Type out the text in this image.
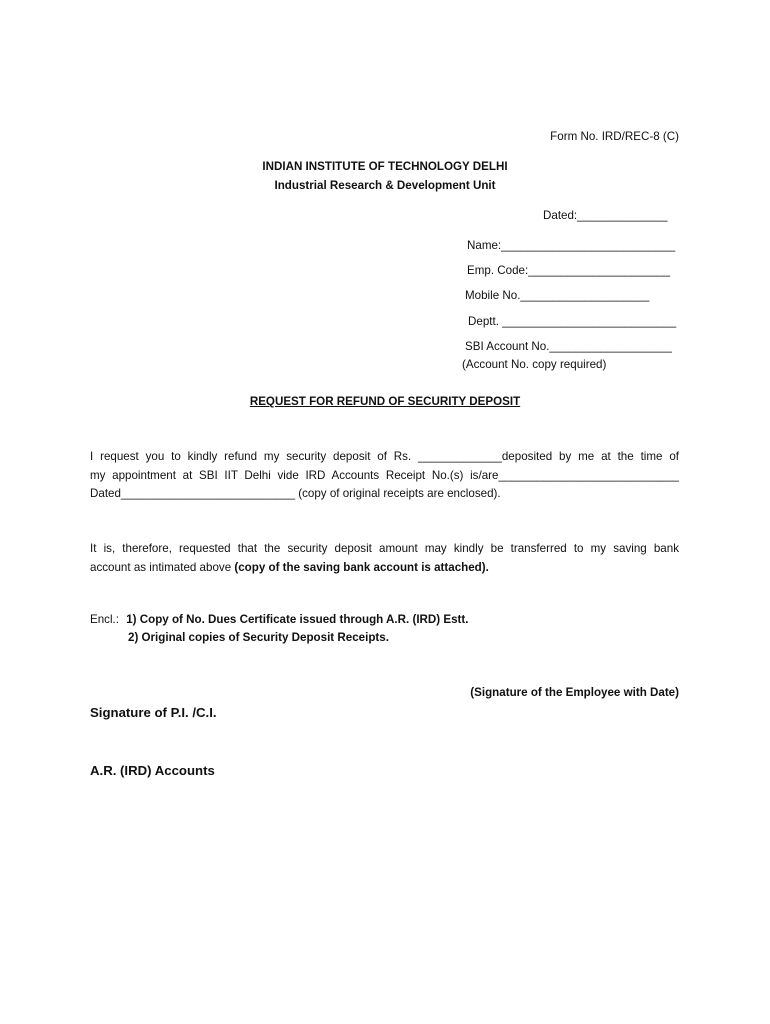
Form No. IRD/REC-8 (C)
INDIAN INSTITUTE OF TECHNOLOGY DELHI
Industrial Research & Development Unit
Dated:______________
Name:___________________________
Emp. Code:______________________
Mobile No.____________________
Deptt. ___________________________
SBI Account No.___________________
(Account No. copy required)
REQUEST FOR REFUND OF SECURITY DEPOSIT
I request you to kindly refund my security deposit of Rs. _____________deposited by me at the time of
my appointment at SBI IIT Delhi vide IRD Accounts Receipt No.(s) is/are____________________________
Dated___________________________ (copy of original receipts are enclosed).
It is, therefore, requested that the security deposit amount may kindly be transferred to my saving bank
account as intimated above (copy of the saving bank account is attached).
Encl.: 1) Copy of No. Dues Certificate issued through A.R. (IRD) Estt.
2) Original copies of Security Deposit Receipts.
(Signature of the Employee with Date)
Signature of P.I. /C.I.
A.R. (IRD) Accounts
